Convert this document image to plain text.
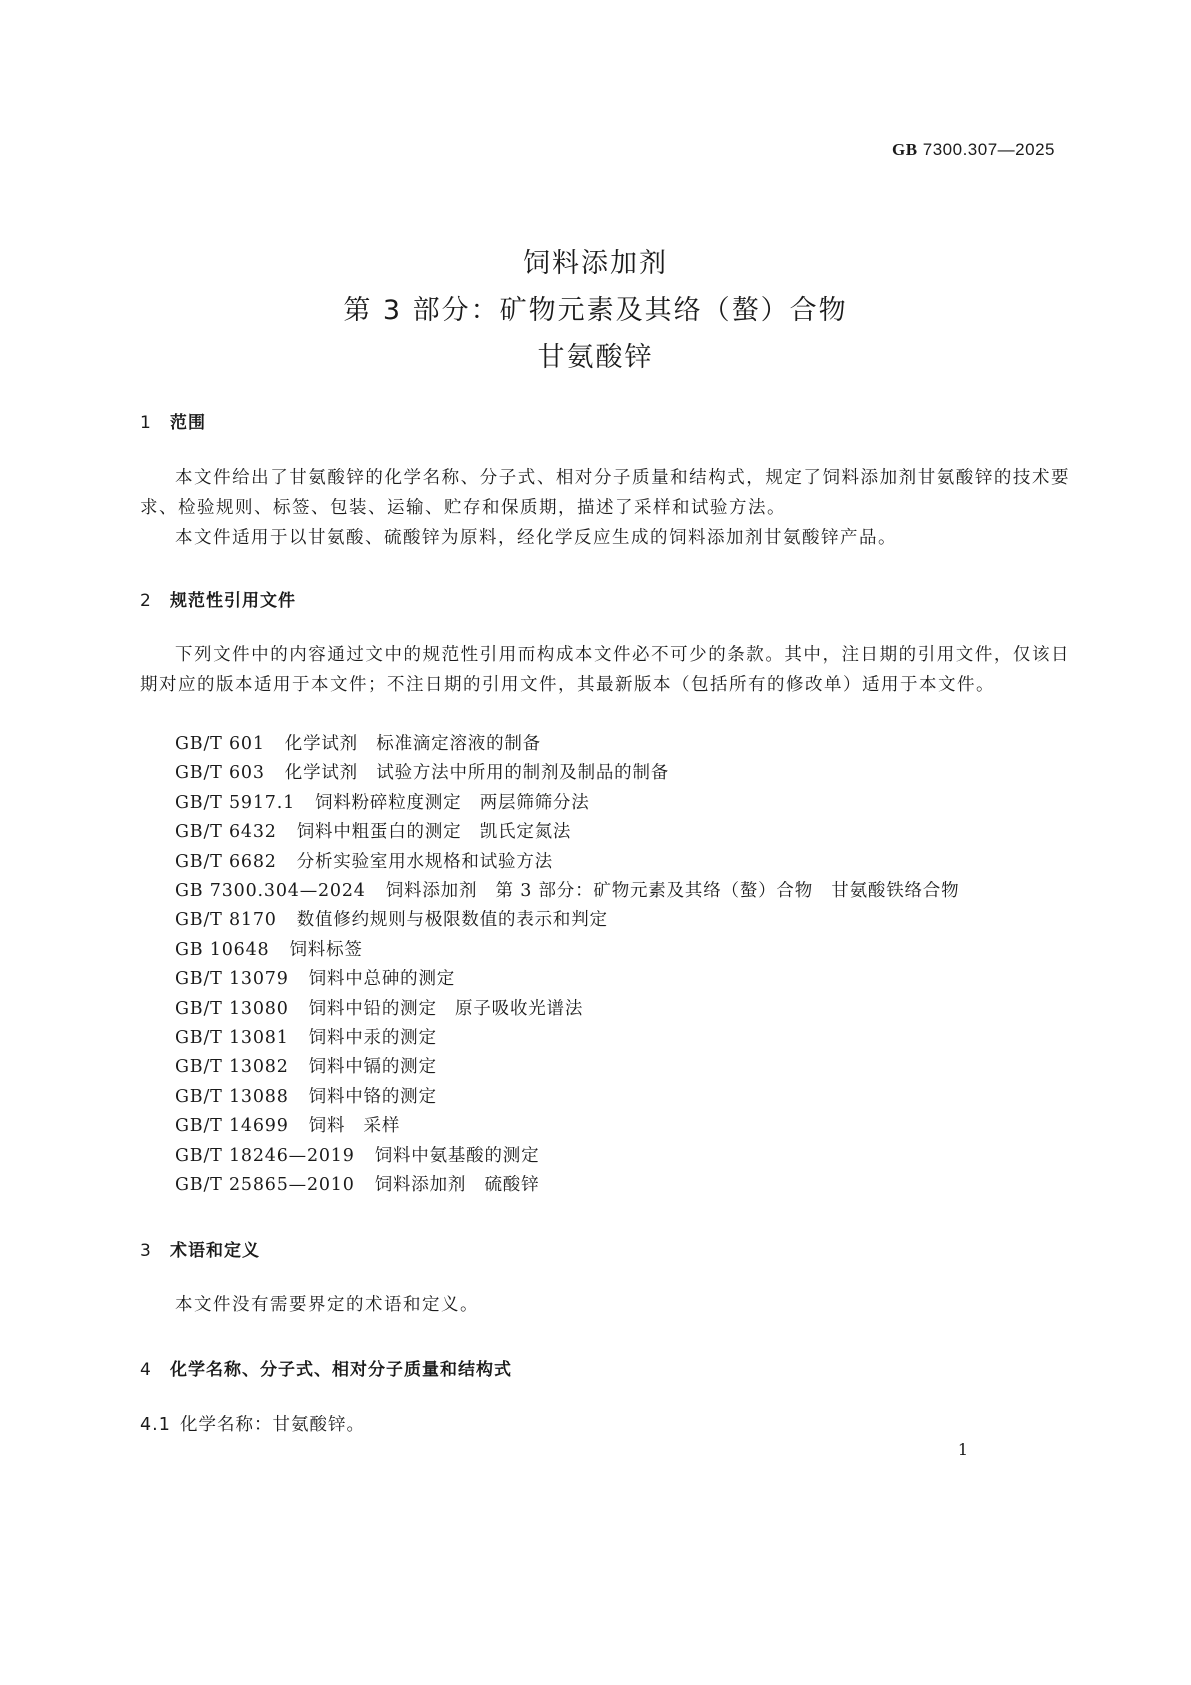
GB 7300.307—2025
饲料添加剂
第 3 部分：矿物元素及其络（螯）合物
甘氨酸锌
1 范围
本文件给出了甘氨酸锌的化学名称、分子式、相对分子质量和结构式，规定了饲料添加剂甘氨酸锌的技术要求、检验规则、标签、包装、运输、贮存和保质期，描述了采样和试验方法。
本文件适用于以甘氨酸、硫酸锌为原料，经化学反应生成的饲料添加剂甘氨酸锌产品。
2 规范性引用文件
下列文件中的内容通过文中的规范性引用而构成本文件必不可少的条款。其中，注日期的引用文件，仅该日期对应的版本适用于本文件；不注日期的引用文件，其最新版本（包括所有的修改单）适用于本文件。
GB/T 601 化学试剂　标准滴定溶液的制备
GB/T 603 化学试剂　试验方法中所用的制剂及制品的制备
GB/T 5917.1 饲料粉碎粒度测定　两层筛筛分法
GB/T 6432 饲料中粗蛋白的测定　凯氏定氮法
GB/T 6682 分析实验室用水规格和试验方法
GB 7300.304—2024 饲料添加剂　第 3 部分：矿物元素及其络（螯）合物　甘氨酸铁络合物
GB/T 8170 数值修约规则与极限数值的表示和判定
GB 10648 饲料标签
GB/T 13079 饲料中总砷的测定
GB/T 13080 饲料中铅的测定　原子吸收光谱法
GB/T 13081 饲料中汞的测定
GB/T 13082 饲料中镉的测定
GB/T 13088 饲料中铬的测定
GB/T 14699 饲料　采样
GB/T 18246—2019 饲料中氨基酸的测定
GB/T 25865—2010 饲料添加剂　硫酸锌
3 术语和定义
本文件没有需要界定的术语和定义。
4 化学名称、分子式、相对分子质量和结构式
4.1 化学名称：甘氨酸锌。
1
